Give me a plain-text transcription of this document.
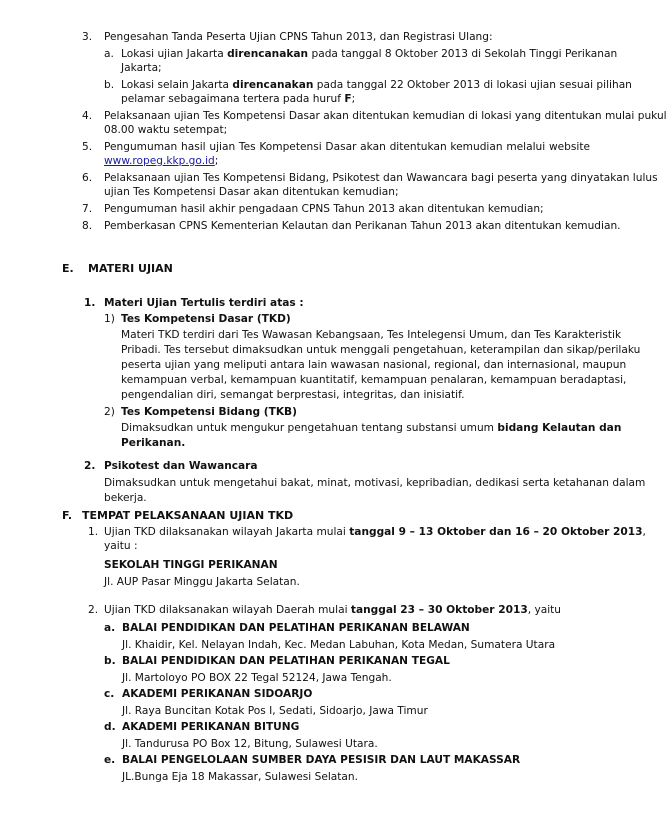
3. Pengesahan Tanda Peserta Ujian CPNS Tahun 2013, dan Registrasi Ulang:
a. Lokasi ujian Jakarta direncanakan pada tanggal 8 Oktober 2013 di Sekolah Tinggi Perikanan
Jakarta;
b. Lokasi selain Jakarta direncanakan pada tanggal 22 Oktober 2013 di lokasi ujian sesuai pilihan
pelamar sebagaimana tertera pada huruf F;
4. Pelaksanaan ujian Tes Kompetensi Dasar akan ditentukan kemudian di lokasi yang ditentukan mulai pukul
08.00 waktu setempat;
5. Pengumuman hasil ujian Tes Kompetensi Dasar akan ditentukan kemudian melalui website
www.ropeg.kkp.go.id;
6. Pelaksanaan ujian Tes Kompetensi Bidang, Psikotest dan Wawancara bagi peserta yang dinyatakan lulus
ujian Tes Kompetensi Dasar akan ditentukan kemudian;
7. Pengumuman hasil akhir pengadaan CPNS Tahun 2013 akan ditentukan kemudian;
8. Pemberkasan CPNS Kementerian Kelautan dan Perikanan Tahun 2013 akan ditentukan kemudian.
E. MATERI UJIAN
1. Materi Ujian Tertulis terdiri atas :
1) Tes Kompetensi Dasar (TKD)
Materi TKD terdiri dari Tes Wawasan Kebangsaan, Tes Intelegensi Umum, dan Tes Karakteristik
Pribadi. Tes tersebut dimaksudkan untuk menggali pengetahuan, keterampilan dan sikap/perilaku
peserta ujian yang meliputi antara lain wawasan nasional, regional, dan internasional, maupun
kemampuan verbal, kemampuan kuantitatif, kemampuan penalaran, kemampuan beradaptasi,
pengendalian diri, semangat berprestasi, integritas, dan inisiatif.
2) Tes Kompetensi Bidang (TKB)
Dimaksudkan untuk mengukur pengetahuan tentang substansi umum bidang Kelautan dan
Perikanan.
2. Psikotest dan Wawancara
Dimaksudkan untuk mengetahui bakat, minat, motivasi, kepribadian, dedikasi serta ketahanan dalam
bekerja.
F. TEMPAT PELAKSANAAN UJIAN TKD
1. Ujian TKD dilaksanakan wilayah Jakarta mulai tanggal 9 – 13 Oktober dan 16 – 20 Oktober 2013,
yaitu :
SEKOLAH TINGGI PERIKANAN
Jl. AUP Pasar Minggu Jakarta Selatan.
2. Ujian TKD dilaksanakan wilayah Daerah mulai tanggal 23 – 30 Oktober 2013, yaitu
a. BALAI PENDIDIKAN DAN PELATIHAN PERIKANAN BELAWAN
Jl. Khaidir, Kel. Nelayan Indah, Kec. Medan Labuhan, Kota Medan, Sumatera Utara
b. BALAI PENDIDIKAN DAN PELATIHAN PERIKANAN TEGAL
Jl. Martoloyo PO BOX 22 Tegal 52124, Jawa Tengah.
c. AKADEMI PERIKANAN SIDOARJO
Jl. Raya Buncitan Kotak Pos I, Sedati, Sidoarjo, Jawa Timur
d. AKADEMI PERIKANAN BITUNG
Jl. Tandurusa PO Box 12, Bitung, Sulawesi Utara.
e. BALAI PENGELOLAAN SUMBER DAYA PESISIR DAN LAUT MAKASSAR
JL.Bunga Eja 18 Makassar, Sulawesi Selatan.
